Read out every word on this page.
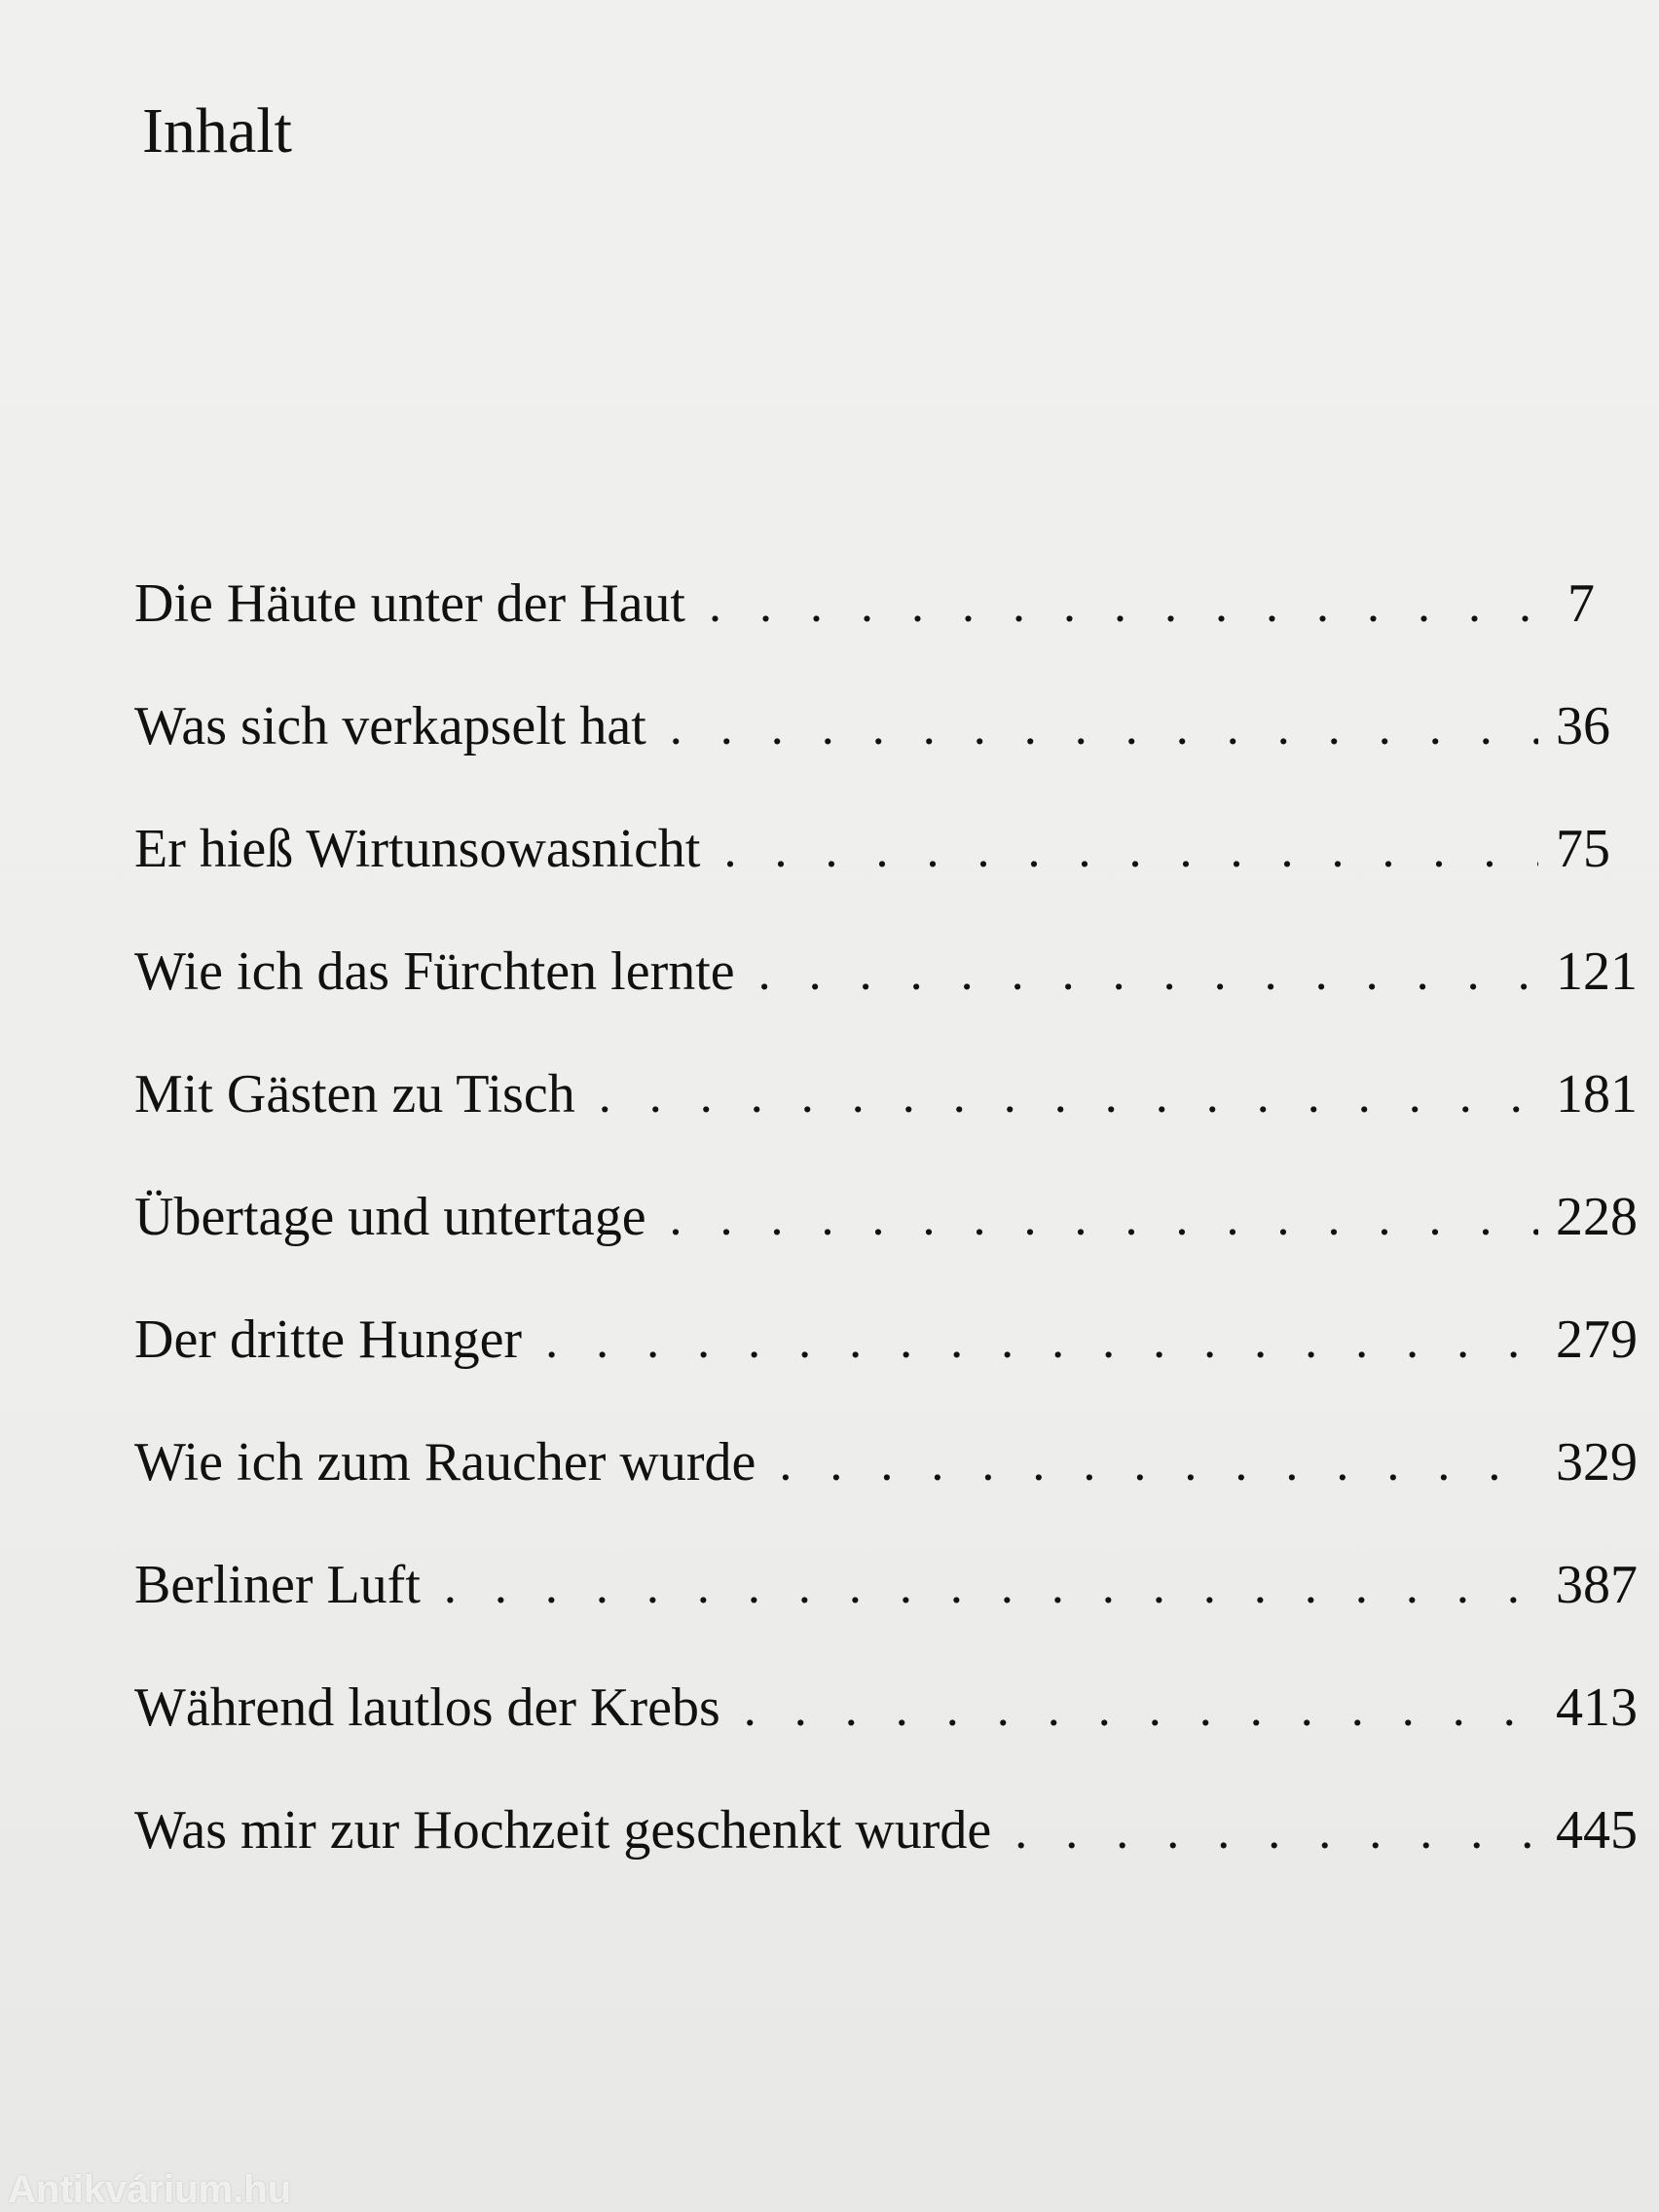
Inhalt
Die Häute unter der Haut . . .	7
Was sich verkapselt hat . . .	36
Er hieß Wirtunsowasnicht . . .	75
Wie ich das Fürchten lernte . . .	121
Mit Gästen zu Tisch . . .	181
Übertage und untertage . . .	228
Der dritte Hunger . . .	279
Wie ich zum Raucher wurde . . .	329
Berliner Luft . . .	387
Während lautlos der Krebs . . .	413
Was mir zur Hochzeit geschenkt wurde . . .	445
Antikvárium.hu
